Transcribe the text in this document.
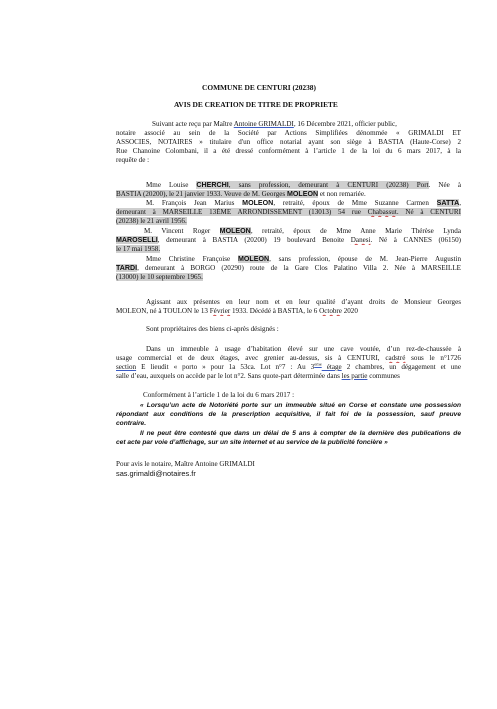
COMMUNE DE CENTURI (20238)
AVIS DE CREATION DE TITRE DE PROPRIETE
Suivant acte reçu par Maître Antoine GRIMALDI, 16 Décembre 2021, officier public,
notaire associé au sein de la Société par Actions Simplifiées dénommée « GRIMALDI ET
ASSOCIES, NOTAIRES » titulaire d'un office notarial ayant son siège à BASTIA (Haute-Corse) 2
Rue Chanoine Colombani, il a été dressé conformément à l’article 1 de la loi du 6 mars 2017, à la
requête de :
Mme Louise CHERCHI, sans profession, demeurant à CENTURI (20238) Port. Née à
BASTIA (20200), le 21 janvier 1933. Veuve de M. Georges MOLEON et non remariée.
M. François Jean Marius MOLEON, retraité, époux de Mme Suzanne Carmen SATTA,
demeurant à MARSEILLE 13ÈME ARRONDISSEMENT (13013) 54 rue Chabassut. Né à CENTURI
(20238) le 21 avril 1956.
M. Vincent Roger MOLEON, retraité, époux de Mme Anne Marie Thérèse Lynda
MAROSELLI, demeurant à BASTIA (20200) 19 boulevard Benoite Danesi. Né à CANNES (06150)
le 17 mai 1958.
Mme Christine Françoise MOLEON, sans profession, épouse de M. Jean-Pierre Augustin
TARDI, demeurant à BORGO (20290) route de la Gare Clos Palatino Villa 2. Née à MARSEILLE
(13000) le 10 septembre 1965.
Agissant aux présentes en leur nom et en leur qualité d’ayant droits de Monsieur Georges
MOLEON, né à TOULON le 13 Février 1933. Décédé à BASTIA, le 6 Octobre 2020
Sont propriétaires des biens ci-après désignés :
Dans un immeuble à usage d’habitation élevé sur une cave voutée, d’un rez-de-chaussée à
usage commercial et de deux étages, avec grenier au-dessus, sis à CENTURI, cadstré sous le n°1726
section E lieudit « porto » pour 1a 53ca. Lot n°7 : Au 3ème étage 2 chambres, un dégagement et une
salle d’eau, auxquels on accède par le lot n°2. Sans quote-part déterminée dans les partie communes
Conformément à l’article 1 de la loi du 6 mars 2017 :
« Lorsqu’un acte de Notoriété porte sur un immeuble situé en Corse et constate une possession
répondant aux conditions de la prescription acquisitive, il fait foi de la possession, sauf preuve
contraire.
Il ne peut être contesté que dans un délai de 5 ans à compter de la dernière des publications de
cet acte par voie d’affichage, sur un site internet et au service de la publicité foncière »
Pour avis le notaire, Maître Antoine GRIMALDI
sas.grimaldi@notaires.fr
